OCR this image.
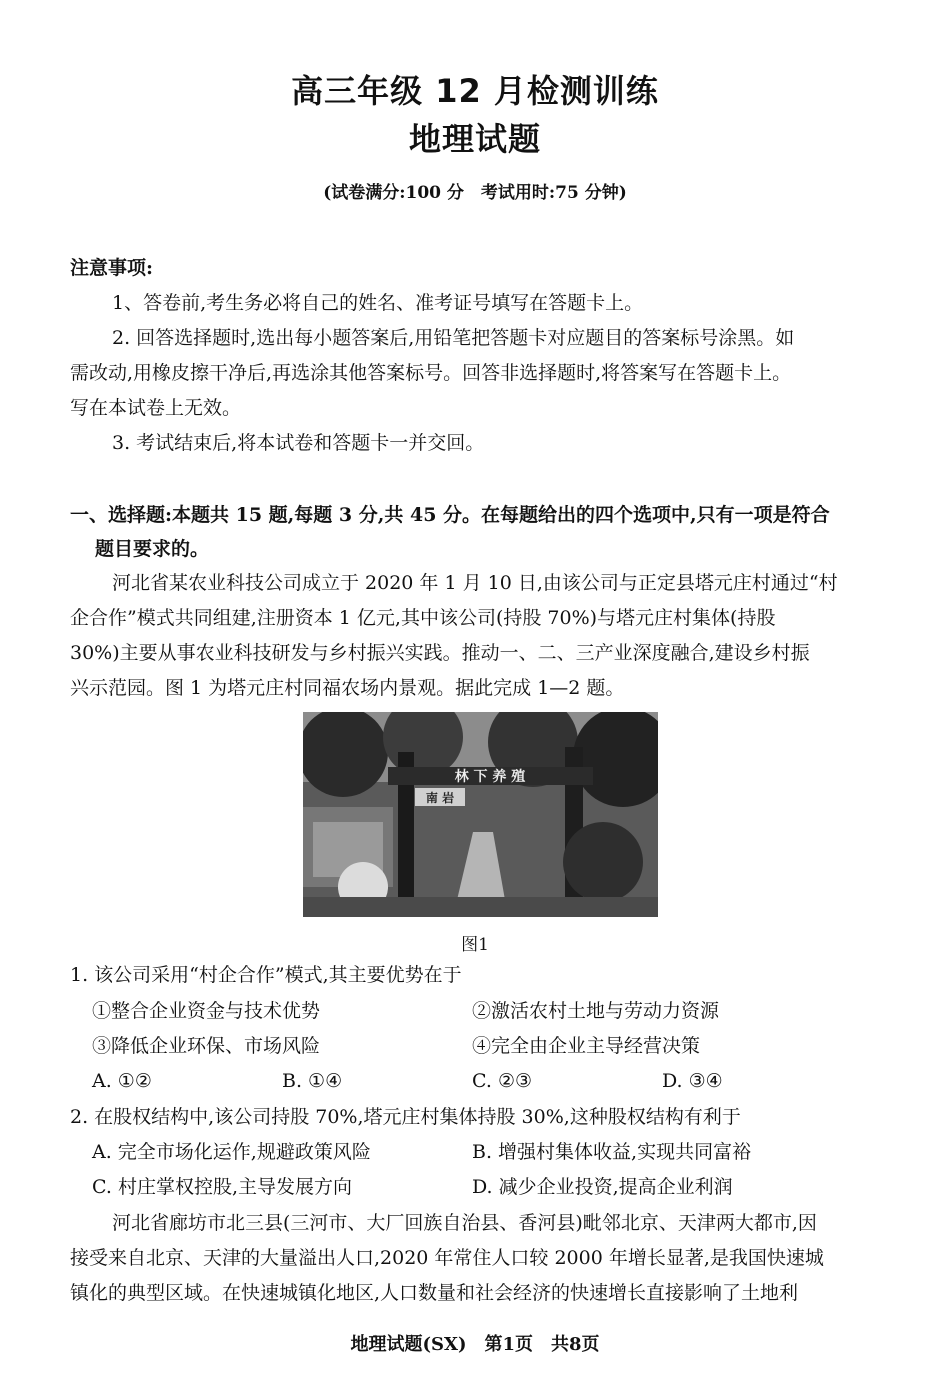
高三年级 12 月检测训练
地理试题
(试卷满分:100 分　考试用时:75 分钟)
注意事项:
1、答卷前,考生务必将自己的姓名、准考证号填写在答题卡上。
2. 回答选择题时,选出每小题答案后,用铅笔把答题卡对应题目的答案标号涂黑。如
需改动,用橡皮擦干净后,再选涂其他答案标号。回答非选择题时,将答案写在答题卡上。
写在本试卷上无效。
3. 考试结束后,将本试卷和答题卡一并交回。
一、选择题:本题共 15 题,每题 3 分,共 45 分。在每题给出的四个选项中,只有一项是符合
题目要求的。
河北省某农业科技公司成立于 2020 年 1 月 10 日,由该公司与正定县塔元庄村通过“村
企合作”模式共同组建,注册资本 1 亿元,其中该公司(持股 70%)与塔元庄村集体(持股
30%)主要从事农业科技研发与乡村振兴实践。推动一、二、三产业深度融合,建设乡村振
兴示范园。图 1 为塔元庄村同福农场内景观。据此完成 1—2 题。
林 下 养 殖
南 岩
图1
1. 该公司采用“村企合作”模式,其主要优势在于
①整合企业资金与技术优势	②激活农村土地与劳动力资源
③降低企业环保、市场风险	④完全由企业主导经营决策
A. ①②	B. ①④	C. ②③	D. ③④
2. 在股权结构中,该公司持股 70%,塔元庄村集体持股 30%,这种股权结构有利于
A. 完全市场化运作,规避政策风险	B. 增强村集体收益,实现共同富裕
C. 村庄掌权控股,主导发展方向	D. 减少企业投资,提高企业利润
河北省廊坊市北三县(三河市、大厂回族自治县、香河县)毗邻北京、天津两大都市,因
接受来自北京、天津的大量溢出人口,2020 年常住人口较 2000 年增长显著,是我国快速城
镇化的典型区域。在快速城镇化地区,人口数量和社会经济的快速增长直接影响了土地利
地理试题(SX)　第1页　共8页
